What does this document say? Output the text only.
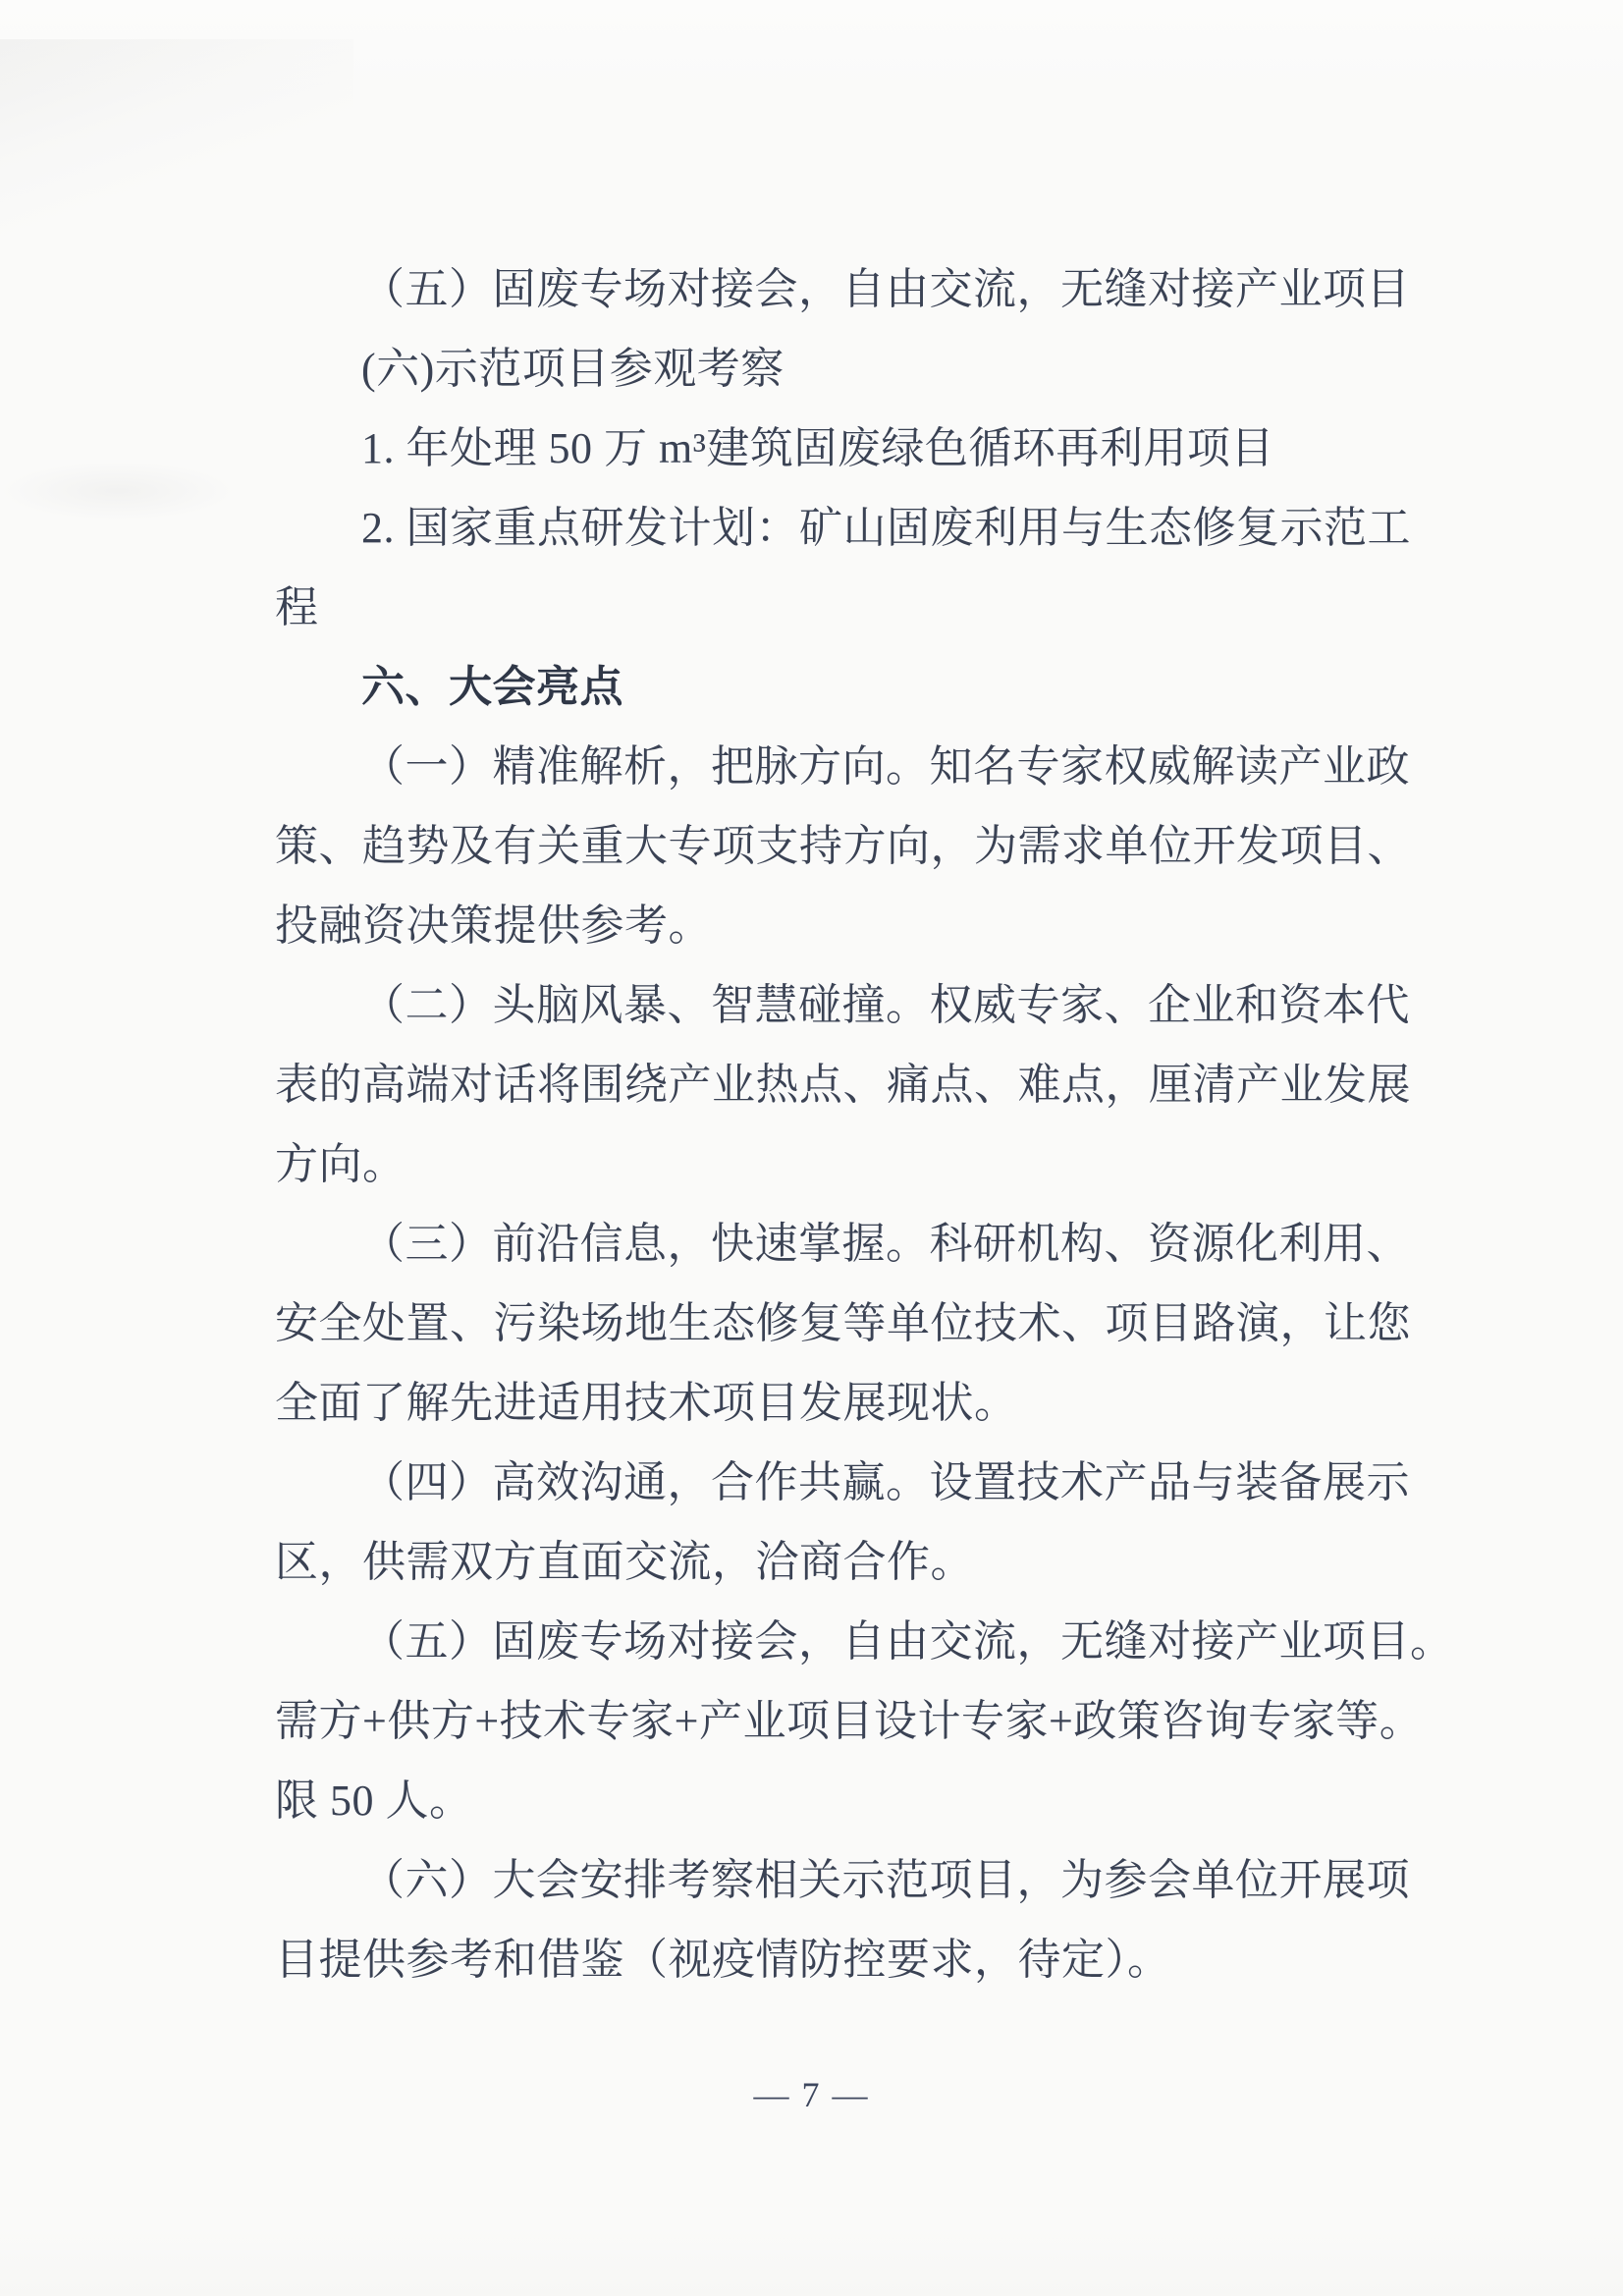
（五）固废专场对接会，自由交流，无缝对接产业项目
(六)示范项目参观考察
1. 年处理 50 万 m³建筑固废绿色循环再利用项目
2. 国家重点研发计划：矿山固废利用与生态修复示范工
程
六、大会亮点
（一）精准解析，把脉方向。知名专家权威解读产业政
策、趋势及有关重大专项支持方向，为需求单位开发项目、
投融资决策提供参考。
（二）头脑风暴、智慧碰撞。权威专家、企业和资本代
表的高端对话将围绕产业热点、痛点、难点，厘清产业发展
方向。
（三）前沿信息，快速掌握。科研机构、资源化利用、
安全处置、污染场地生态修复等单位技术、项目路演，让您
全面了解先进适用技术项目发展现状。
（四）高效沟通，合作共赢。设置技术产品与装备展示
区，供需双方直面交流，洽商合作。
（五）固废专场对接会，自由交流，无缝对接产业项目。
需方+供方+技术专家+产业项目设计专家+政策咨询专家等。
限 50 人。
（六）大会安排考察相关示范项目，为参会单位开展项
目提供参考和借鉴（视疫情防控要求，待定）。
— 7 —
